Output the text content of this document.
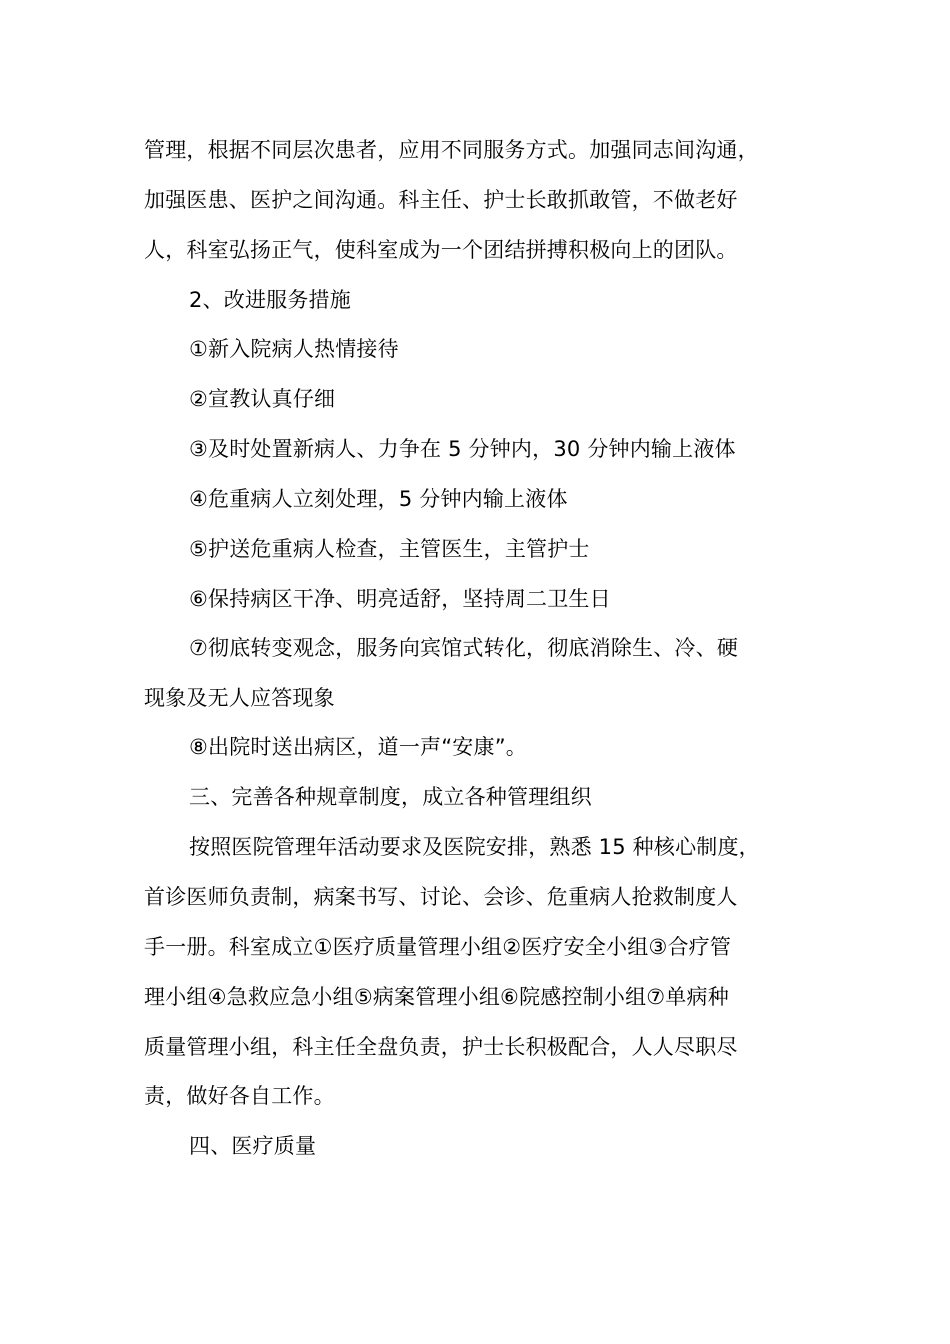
管理，根据不同层次患者，应用不同服务方式。加强同志间沟通，
加强医患、医护之间沟通。科主任、护士长敢抓敢管，不做老好
人，科室弘扬正气，使科室成为一个团结拼搏积极向上的团队。
2、改进服务措施
①新入院病人热情接待
②宣教认真仔细
③及时处置新病人、力争在 5 分钟内，30 分钟内输上液体
④危重病人立刻处理，5 分钟内输上液体
⑤护送危重病人检查，主管医生，主管护士
⑥保持病区干净、明亮适舒，坚持周二卫生日
⑦彻底转变观念，服务向宾馆式转化，彻底消除生、冷、硬
现象及无人应答现象
⑧出院时送出病区，道一声“安康”。
三、完善各种规章制度，成立各种管理组织
按照医院管理年活动要求及医院安排，熟悉 15 种核心制度，
首诊医师负责制，病案书写、讨论、会诊、危重病人抢救制度人
手一册。科室成立①医疗质量管理小组②医疗安全小组③合疗管
理小组④急救应急小组⑤病案管理小组⑥院感控制小组⑦单病种
质量管理小组，科主任全盘负责，护士长积极配合，人人尽职尽
责，做好各自工作。
四、医疗质量
